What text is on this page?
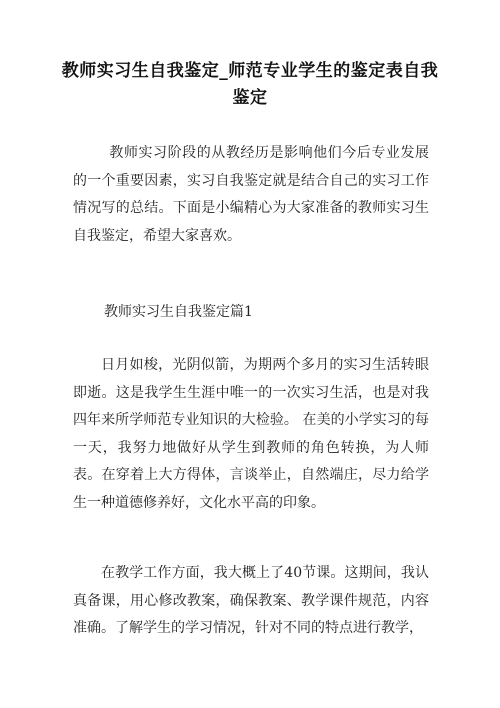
教师实习生自我鉴定_师范专业学生的鉴定表自我鉴定

教师实习阶段的从教经历是影响他们今后专业发展的一个重要因素，实习自我鉴定就是结合自己的实习工作情况写的总结。下面是小编精心为大家准备的教师实习生自我鉴定，希望大家喜欢。

教师实习生自我鉴定篇1

日月如梭，光阴似箭，为期两个多月的实习生活转眼即逝。这是我学生生涯中唯一的一次实习生活，也是对我四年来所学师范专业知识的大检验。 在美的小学实习的每一天，我努力地做好从学生到教师的角色转换，为人师表。在穿着上大方得体，言谈举止，自然端庄，尽力给学生一种道德修养好，文化水平高的印象。

在教学工作方面，我大概上了40节课。这期间，我认真备课，用心修改教案，确保教案、教学课件规范，内容准确。了解学生的学习情况，针对不同的特点进行教学，
